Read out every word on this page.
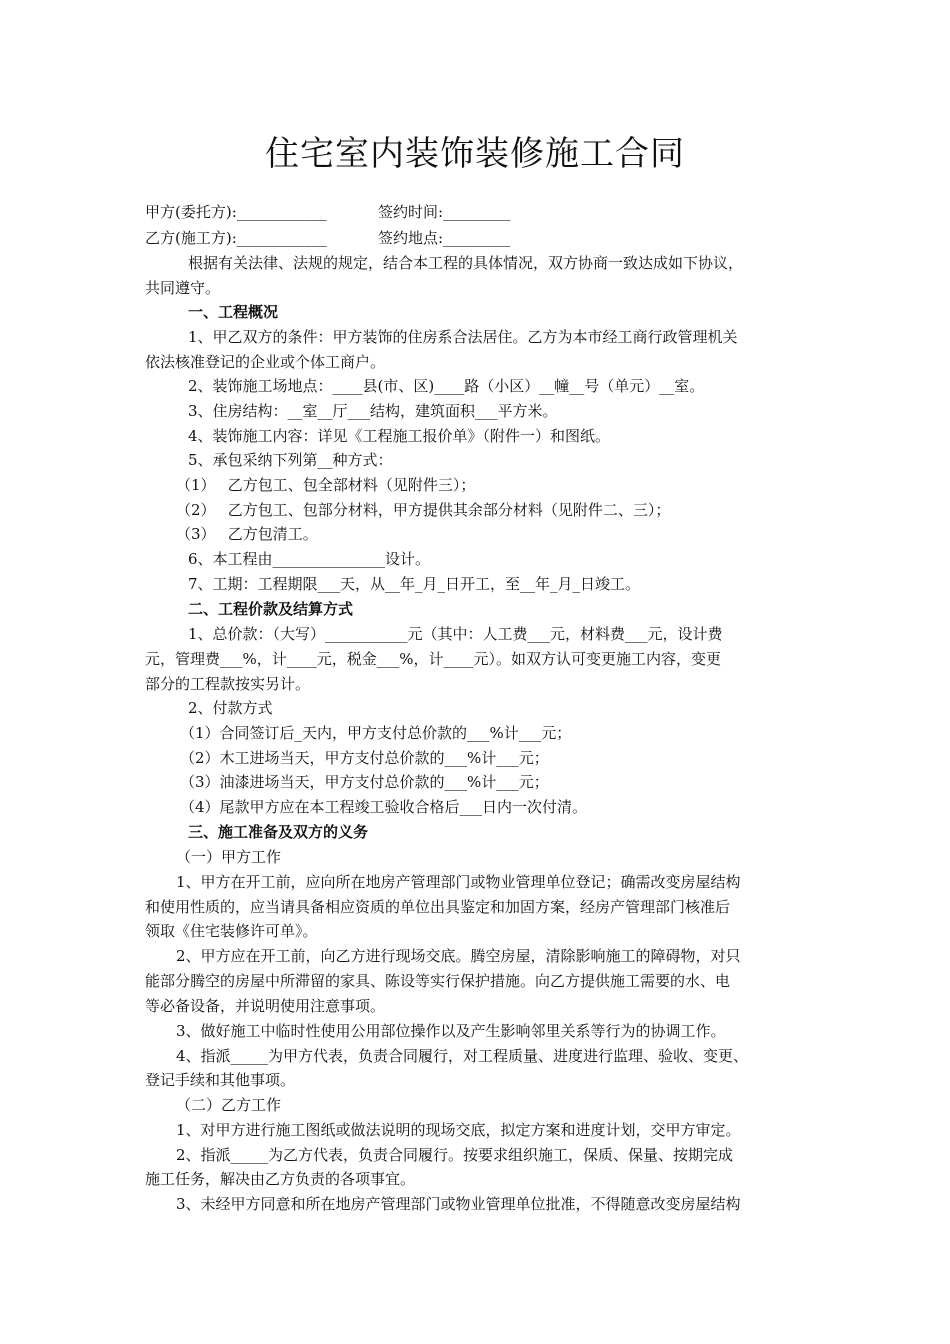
住宅室内装饰装修施工合同
甲方(委托方):____________	签约时间:_________
乙方(施工方):____________	签约地点:_________
根据有关法律、法规的规定，结合本工程的具体情况，双方协商一致达成如下协议，
共同遵守。
一、工程概况
1、甲乙双方的条件：甲方装饰的住房系合法居住。乙方为本市经工商行政管理机关
依法核准登记的企业或个体工商户。
2、装饰施工场地点：____县(市、区)____路（小区）__幢__号（单元）__室。
3、住房结构：__室__厅___结构，建筑面积___平方米。
4、装饰施工内容：详见《工程施工报价单》（附件一）和图纸。
5、承包采纳下列第__种方式：
（1）　 乙方包工、包全部材料（见附件三）；
（2）　 乙方包工、包部分材料，甲方提供其余部分材料（见附件二、三）；
（3）　 乙方包清工。
6、本工程由_______________设计。
7、工期：工程期限___天，从__年_月_日开工，至__年_月_日竣工。
二、工程价款及结算方式
1、总价款：（大写）___________元（其中：人工费___元，材料费___元，设计费
元，管理费___%，计____元，税金___%，计____元）。如双方认可变更施工内容，变更
部分的工程款按实另计。
2、付款方式
（1）合同签订后_天内，甲方支付总价款的___%计___元；
（2）木工进场当天，甲方支付总价款的___%计___元；
（3）油漆进场当天，甲方支付总价款的___%计___元；
（4）尾款甲方应在本工程竣工验收合格后___日内一次付清。
三、施工准备及双方的义务
（一）甲方工作
1、甲方在开工前，应向所在地房产管理部门或物业管理单位登记；确需改变房屋结构
和使用性质的，应当请具备相应资质的单位出具鉴定和加固方案，经房产管理部门核准后
领取《住宅装修许可单》。
2、甲方应在开工前，向乙方进行现场交底。腾空房屋，清除影响施工的障碍物，对只
能部分腾空的房屋中所滞留的家具、陈设等实行保护措施。向乙方提供施工需要的水、电
等必备设备，并说明使用注意事项。
3、做好施工中临时性使用公用部位操作以及产生影响邻里关系等行为的协调工作。
4、指派_____为甲方代表，负责合同履行，对工程质量、进度进行监理、验收、变更、
登记手续和其他事项。
（二）乙方工作
1、对甲方进行施工图纸或做法说明的现场交底，拟定方案和进度计划，交甲方审定。
2、指派_____为乙方代表，负责合同履行。按要求组织施工，保质、保量、按期完成
施工任务，解决由乙方负责的各项事宜。
3、未经甲方同意和所在地房产管理部门或物业管理单位批准，不得随意改变房屋结构
